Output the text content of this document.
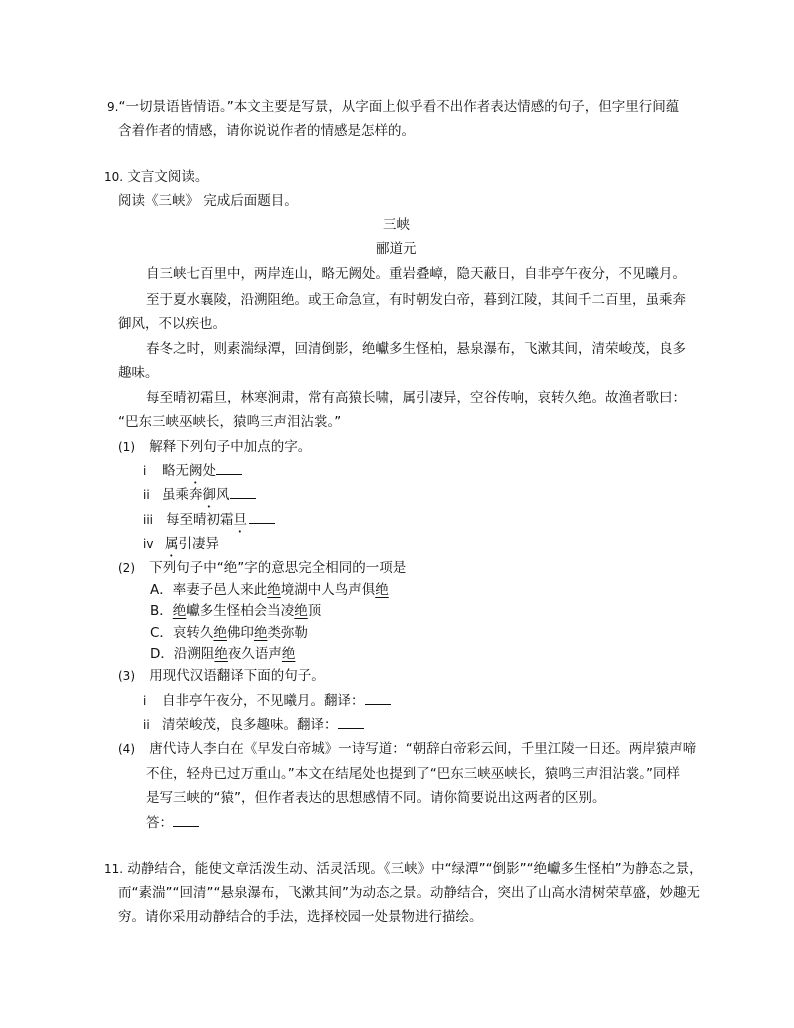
9.“一切景语皆情语。”本文主要是写景，从字面上似乎看不出作者表达情感的句子，但字里行间蕴
含着作者的情感，请你说说作者的情感是怎样的。
10. 文言文阅读。
阅读《三峡》 完成后面题目。
三峡
郦道元
自三峡七百里中，两岸连山，略无阙处。重岩叠嶂，隐天蔽日，自非亭午夜分，不见曦月。
至于夏水襄陵，沿溯阻绝。或王命急宣，有时朝发白帝，暮到江陵，其间千二百里，虽乘奔
御风，不以疾也。
春冬之时，则素湍绿潭，回清倒影，绝巘多生怪柏，悬泉瀑布，飞漱其间，清荣峻茂，良多
趣味。
每至晴初霜旦，林寒涧肃，常有高猿长啸，属引凄异，空谷传响，哀转久绝。故渔者歌曰：
“巴东三峡巫峡长，猿鸣三声泪沾裳。”
(1) 解释下列句子中加点的字。
i 略无阙处
ii 虽乘奔御风
iii 每至晴初霜旦
iv 属引凄异
(2) 下列句子中“绝”字的意思完全相同的一项是
A．率妻子邑人来此绝境湖中人鸟声俱绝
B．绝巘多生怪柏会当凌绝顶
C．哀转久绝佛印绝类弥勒
D．沿溯阻绝夜久语声绝
(3) 用现代汉语翻译下面的句子。
i 自非亭午夜分，不见曦月。翻译：
ii 清荣峻茂，良多趣味。翻译：
(4) 唐代诗人李白在《早发白帝城》一诗写道：“朝辞白帝彩云间，千里江陵一日还。两岸猿声啼
不住，轻舟已过万重山。”本文在结尾处也提到了“巴东三峡巫峡长，猿鸣三声泪沾裳。”同样
是写三峡的“猿”，但作者表达的思想感情不同。请你简要说出这两者的区别。
答：
11. 动静结合，能使文章活泼生动、活灵活现。《三峡》中“绿潭”“倒影”“绝巘多生怪柏”为静态之景，
而“素湍”“回清”“悬泉瀑布，飞漱其间”为动态之景。动静结合，突出了山高水清树荣草盛，妙趣无
穷。请你采用动静结合的手法，选择校园一处景物进行描绘。
